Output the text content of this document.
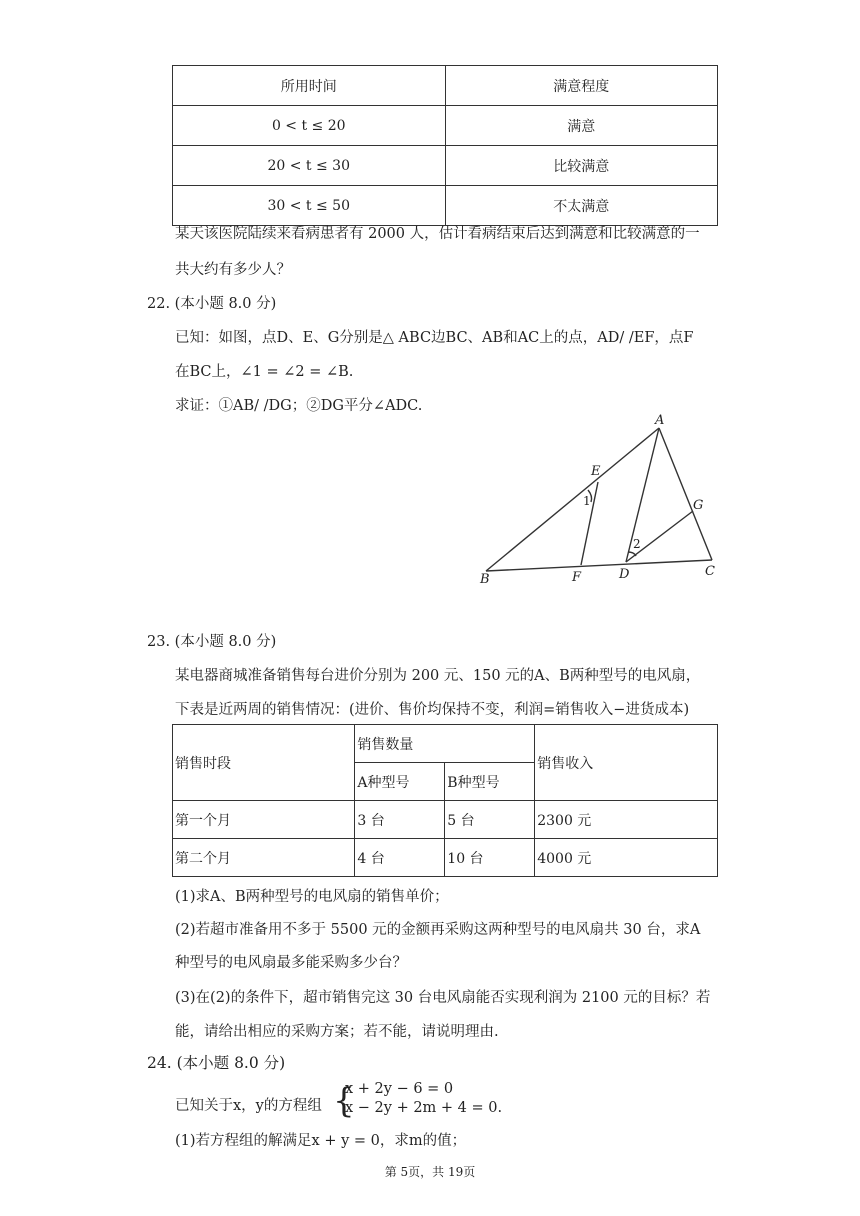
所用时间	满意程度
0 < t ≤ 20	满意
20 < t ≤ 30	比较满意
30 < t ≤ 50	不太满意
某天该医院陆续来看病患者有 2000 人，估计看病结束后达到满意和比较满意的一
共大约有多少人？
22. (本小题 8.0 分)
已知：如图，点D、E、G分别是△ ABC边BC、AB和AC上的点，AD/ /EF，点F
在BC上，∠1 = ∠2 = ∠B.
求证：①AB/ /DG；②DG平分∠ADC.
A
B
C
D
E
F
G
1
2
23. (本小题 8.0 分)
某电器商城准备销售每台进价分别为 200 元、150 元的A、B两种型号的电风扇，
下表是近两周的销售情况：(进价、售价均保持不变，利润=销售收入−进货成本)
销售时段	销售数量		销售收入
	A种型号	B种型号	
第一个月	3 台	5 台	2300 元
第二个月	4 台	10 台	4000 元
(1)求A、B两种型号的电风扇的销售单价；
(2)若超市准备用不多于 5500 元的金额再采购这两种型号的电风扇共 30 台，求A
种型号的电风扇最多能采购多少台？
(3)在(2)的条件下，超市销售完这 30 台电风扇能否实现利润为 2100 元的目标？若
能，请给出相应的采购方案；若不能，请说明理由.
24. (本小题 8.0 分)
已知关于x，y的方程组 {
x + 2y − 6 = 0
x − 2y + 2m + 4 = 0.
(1)若方程组的解满足x + y = 0，求m的值；
第 5页，共 19页
